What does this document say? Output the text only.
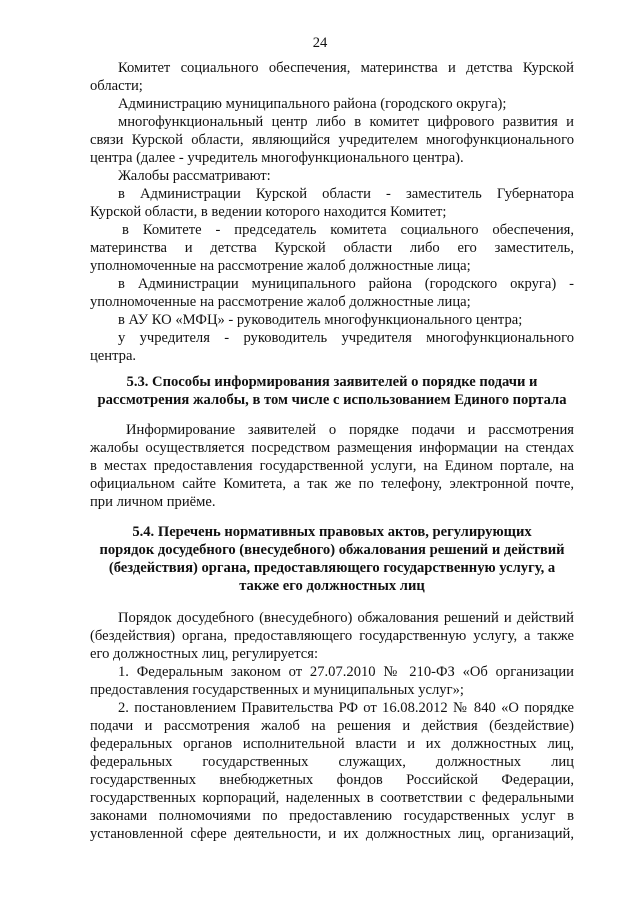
24
Комитет социального обеспечения, материнства и детства Курской
области;
Администрацию муниципального района (городского округа);
многофункциональный центр либо в комитет цифрового развития и
связи Курской области, являющийся учредителем многофункционального
центра (далее - учредитель многофункционального центра).
Жалобы рассматривают:
в Администрации Курской области - заместитель Губернатора
Курской области, в ведении которого находится Комитет;
в Комитете - председатель комитета социального обеспечения,
материнства и детства Курской области либо его заместитель,
уполномоченные на рассмотрение жалоб должностные лица;
в Администрации муниципального района (городского округа) -
уполномоченные на рассмотрение жалоб должностные лица;
в АУ КО «МФЦ» - руководитель многофункционального центра;
у учредителя - руководитель учредителя многофункционального
центра.
5.3. Способы информирования заявителей о порядке подачи и
рассмотрения жалобы, в том числе с использованием Единого портала
Информирование заявителей о порядке подачи и рассмотрения
жалобы осуществляется посредством размещения информации на стендах
в местах предоставления государственной услуги, на Едином портале, на
официальном сайте Комитета, а так же по телефону, электронной почте,
при личном приёме.
5.4. Перечень нормативных правовых актов, регулирующих
порядок досудебного (внесудебного) обжалования решений и действий
(бездействия) органа, предоставляющего государственную услугу, а
также его должностных лиц
Порядок досудебного (внесудебного) обжалования решений и действий
(бездействия) органа, предоставляющего государственную услугу, а также
его должностных лиц, регулируется:
1. Федеральным законом от 27.07.2010 № 210-ФЗ «Об организации
предоставления государственных и муниципальных услуг»;
2. постановлением Правительства РФ от 16.08.2012 № 840 «О порядке
подачи и рассмотрения жалоб на решения и действия (бездействие)
федеральных органов исполнительной власти и их должностных лиц,
федеральных государственных служащих, должностных лиц
государственных внебюджетных фондов Российской Федерации,
государственных корпораций, наделенных в соответствии с федеральными
законами полномочиями по предоставлению государственных услуг в
установленной сфере деятельности, и их должностных лиц, организаций,
